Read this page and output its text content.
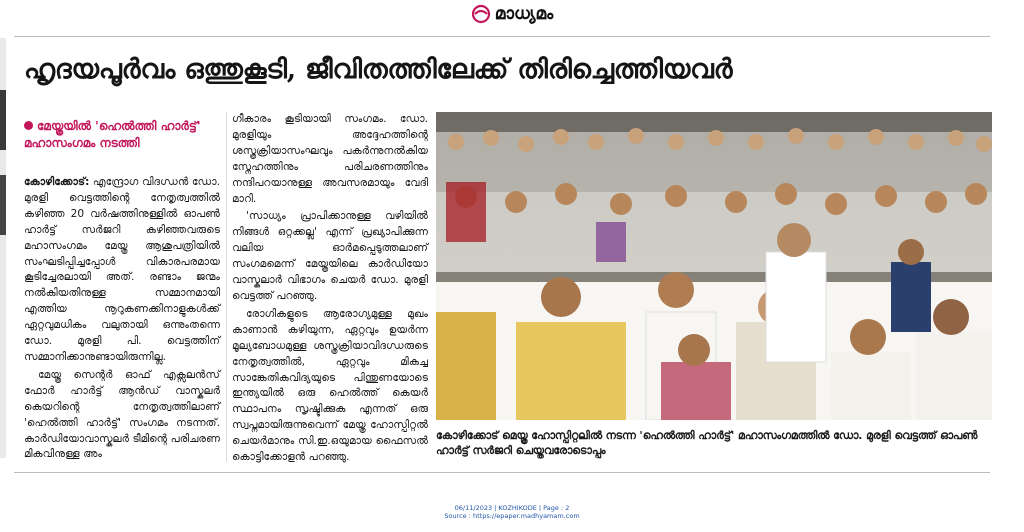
മാധ്യമം
ഹൃദയപൂർവം ഒത്തുകൂടി, ജീവിതത്തിലേക്ക് തിരിച്ചെത്തിയവർ
മേയ്ത്രയിൽ 'ഹെൽത്തി ഹാർട്ട്' മഹാസംഗമം നടത്തി

കോഴിക്കോട്: എന്ദ്രോഗ വിദഗ്ധൻ ഡോ. മുരളി വെട്ടത്തിന്റെ നേതൃത്വത്തിൽ കഴിഞ്ഞ 20 വർഷത്തിനുള്ളിൽ ഓപൺ ഹാർട്ട് സർജറി കഴിഞ്ഞവരുടെ മഹാസംഗമം മേയ്ത്ര ആശുപത്രിയിൽ സംഘടിപ്പിച്ചപ്പോൾ വികാരപരമായ കൂടിച്ചേരലായി അത്. രണ്ടാം ജന്മം നൽകിയതിനുള്ള സമ്മാനമായി എത്തിയ നൂറുകണക്കിനാളുകൾക്ക് ഏറ്റവുമധികം വലുതായി ഒന്നുംതന്നെ ഡോ. മുരളി പി. വെട്ടത്തിന് സമ്മാനിക്കാനുണ്ടായിരുന്നില്ല.

മേയ്ത്ര സെന്റർ ഓഫ് എക്സലൻസ് ഫോർ ഹാർട്ട് ആൻഡ് വാസ്കുലർ കെയറിന്റെ നേതൃത്വത്തിലാണ് 'ഹെൽത്തി ഹാർട്ട്' സംഗമം നടന്നത്. കാർഡിയോവാസ്കുലർ ടീമിന്റെ പരിചരണ മികവിനുള്ള അം

ഗീകാരം കൂടിയായി സംഗമം. ഡോ. മുരളിയും അദ്ദേഹത്തിന്റെ ശസ്ത്രക്രിയാസംഘവും പകർന്നുനൽകിയ സ്നേഹത്തിനും പരിചരണത്തിനും നന്ദിപറയാനുള്ള അവസരമായും വേദി മാറി.

'സാധ്യം പ്രാപിക്കാനുള്ള വഴിയിൽ നിങ്ങൾ ഒറ്റക്കല്ല' എന്ന് പ്രഖ്യാപിക്കുന്ന വലിയ ഓർമപ്പെടുത്തലാണ് സംഗമമെന്ന് മേയ്ത്രയിലെ കാർഡിയോ വാസ്കുലാർ വിഭാഗം ചെയർ ഡോ. മുരളി വെട്ടത്ത് പറഞ്ഞു.

രോഗികളുടെ ആരോഗ്യമുള്ള മുഖം കാണാൻ കഴിയുന്ന, ഏറ്റവും ഉയർന്ന മൂല്യബോധമുള്ള ശസ്ത്രക്രിയാവിദഗ്ധരുടെ നേതൃത്വത്തിൽ, ഏറ്റവും മികച്ച സാങ്കേതികവിദ്യയുടെ പിന്തുണയോടെ ഇന്ത്യയിൽ ഒരു ഹെൽത്ത് കെയർ സ്ഥാപനം സൃഷ്ടിക്കുക എന്നത് ഒരു സ്വപ്നമായിരുന്നുവെന്ന് മേയ്ത്ര ഹോസ്പിറ്റൽ ചെയർമാനും സി.ഇ.ഒയുമായ ഫൈസൽ കൊട്ടിക്കോളൻ പറഞ്ഞു.

കോഴിക്കോട് മെയ്ത്ര ഹോസ്പിറ്റലിൽ നടന്ന 'ഹെൽത്തി ഹാർട്ട്' മഹാസംഗമത്തിൽ ഡോ. മുരളി വെട്ടത്ത് ഓപൺ ഹാർട്ട് സർജറി ചെയ്തവരോടൊപ്പം
06/11/2023 | KOZHIKODE | Page : 2
Source : https://epaper.madhyamam.com
